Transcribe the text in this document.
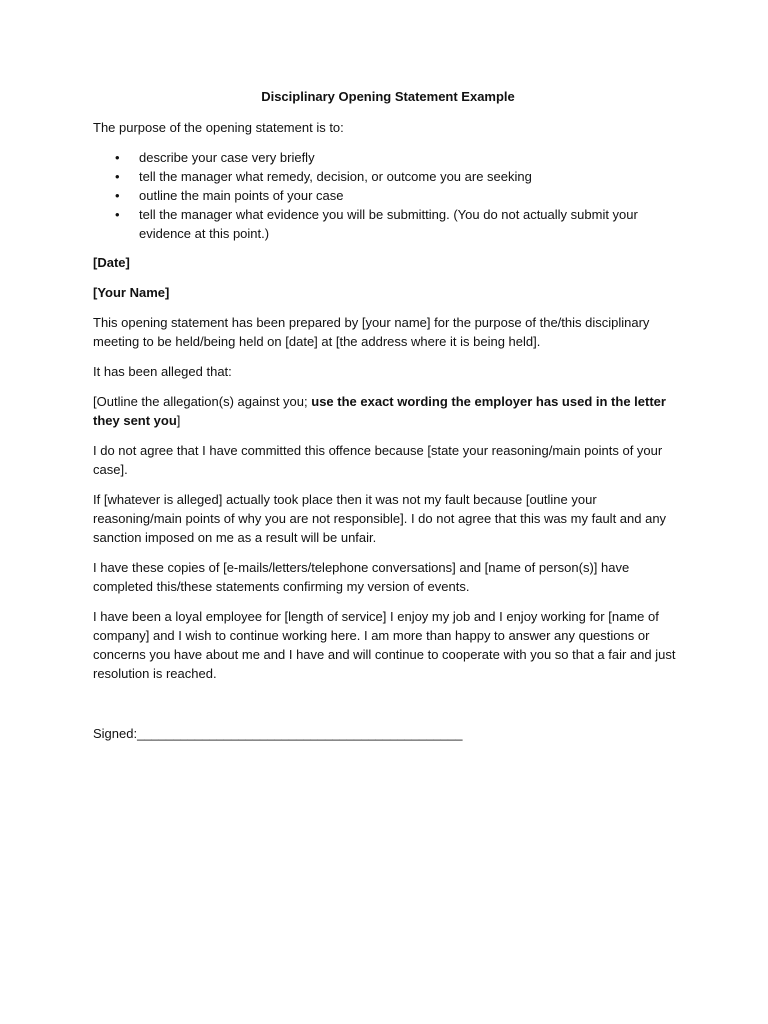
Disciplinary Opening Statement Example

The purpose of the opening statement is to:

• describe your case very briefly
• tell the manager what remedy, decision, or outcome you are seeking
• outline the main points of your case
• tell the manager what evidence you will be submitting. (You do not actually submit your evidence at this point.)

[Date]

[Your Name]

This opening statement has been prepared by [your name] for the purpose of the/this disciplinary meeting to be held/being held on [date] at [the address where it is being held].

It has been alleged that:

[Outline the allegation(s) against you; use the exact wording the employer has used in the letter they sent you]

I do not agree that I have committed this offence because [state your reasoning/main points of your case].

If [whatever is alleged] actually took place then it was not my fault because [outline your reasoning/main points of why you are not responsible]. I do not agree that this was my fault and any sanction imposed on me as a result will be unfair.

I have these copies of [e-mails/letters/telephone conversations] and [name of person(s)] have completed this/these statements confirming my version of events.

I have been a loyal employee for [length of service] I enjoy my job and I enjoy working for [name of company] and I wish to continue working here. I am more than happy to answer any questions or concerns you have about me and I have and will continue to cooperate with you so that a fair and just resolution is reached.

Signed:_____________________________________________
